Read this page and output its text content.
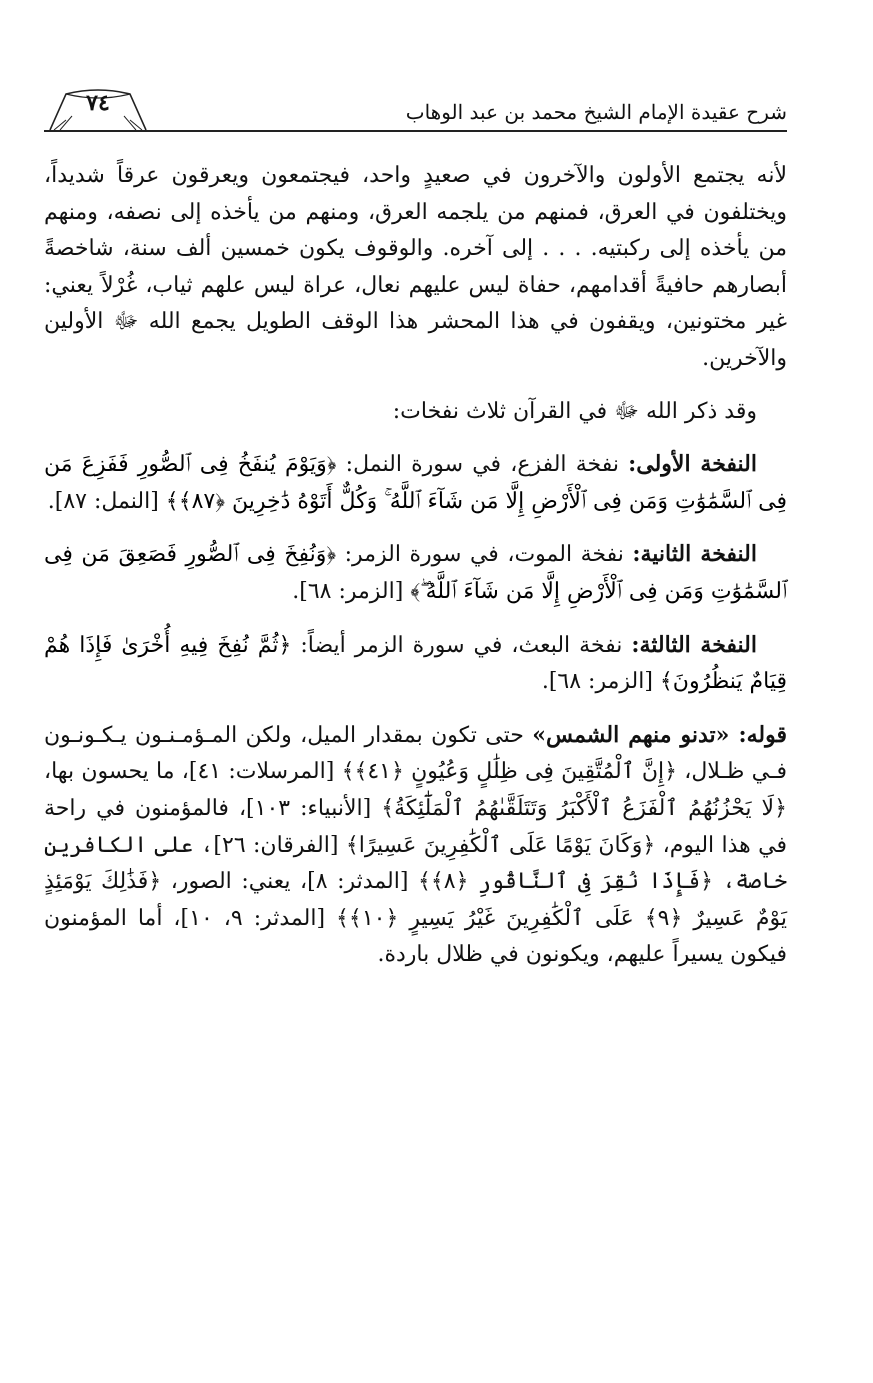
شرح عقيدة الإمام الشيخ محمد بن عبد الوهاب
٧٤

لأنه يجتمع الأولون والآخرون في صعيدٍ واحد، فيجتمعون ويعرقون عرقاً شديداً، ويختلفون في العرق، فمنهم من يلجمه العرق، ومنهم من يأخذه إلى نصفه، ومنهم من يأخذه إلى ركبتيه. . . . إلى آخره. والوقوف يكون خمسين ألف سنة، شاخصةً أبصارهم حافيةً أقدامهم، حفاة ليس عليهم نعال، عراة ليس علهم ثياب، غُرْلاً يعني: غير مختونين، ويقفون في هذا المحشر هذا الوقف الطويل يجمع الله ﷻ الأولين والآخرين.

وقد ذكر الله ﷻ في القرآن ثلاث نفخات:

النفخة الأولى: نفخة الفزع، في سورة النمل: ﴿وَيَوْمَ يُنفَخُ فِى ٱلصُّورِ فَفَزِعَ مَن فِى ٱلسَّمَٰوَٰتِ وَمَن فِى ٱلْأَرْضِ إِلَّا مَن شَآءَ ٱللَّهُ ۚ وَكُلٌّ أَتَوْهُ دَٰخِرِينَ ﴿٨٧﴾﴾ [النمل: ٨٧].

النفخة الثانية: نفخة الموت، في سورة الزمر: ﴿وَنُفِخَ فِى ٱلصُّورِ فَصَعِقَ مَن فِى ٱلسَّمَٰوَٰتِ وَمَن فِى ٱلْأَرْضِ إِلَّا مَن شَآءَ ٱللَّهُ ۖ﴾ [الزمر: ٦٨].

النفخة الثالثة: نفخة البعث، في سورة الزمر أيضاً: ﴿ثُمَّ نُفِخَ فِيهِ أُخْرَىٰ فَإِذَا هُمْ قِيَامٌ يَنظُرُونَ﴾ [الزمر: ٦٨].

قوله: «تدنو منهم الشمس» حتى تكون بمقدار الميل، ولكن المـؤمـنـون يـكـونـون فـي ظـلال، ﴿إِنَّ ٱلْمُتَّقِينَ فِى ظِلَٰلٍ وَعُيُونٍ ﴿٤١﴾﴾ [المرسلات: ٤١]، ما يحسون بها، ﴿لَا يَحْزُنُهُمُ ٱلْفَزَعُ ٱلْأَكْبَرُ وَتَتَلَقَّىٰهُمُ ٱلْمَلَٰٓئِكَةُ﴾ [الأنبياء: ١٠٣]، فالمؤمنون في راحة في هذا اليوم، ﴿وَكَانَ يَوْمًا عَلَى ٱلْكَٰفِرِينَ عَسِيرًا﴾ [الفرقان: ٢٦]، على الكافرين خاصة، ﴿فَإِذَا نُقِرَ فِى ٱلنَّاقُورِ ﴿٨﴾﴾ [المدثر: ٨]، يعني: الصور، ﴿فَذَٰلِكَ يَوْمَئِذٍ يَوْمٌ عَسِيرٌ ﴿٩﴾ عَلَى ٱلْكَٰفِرِينَ غَيْرُ يَسِيرٍ ﴿١٠﴾﴾ [المدثر: ٩، ١٠]، أما المؤمنون فيكون يسيراً عليهم، ويكونون في ظلال باردة.
